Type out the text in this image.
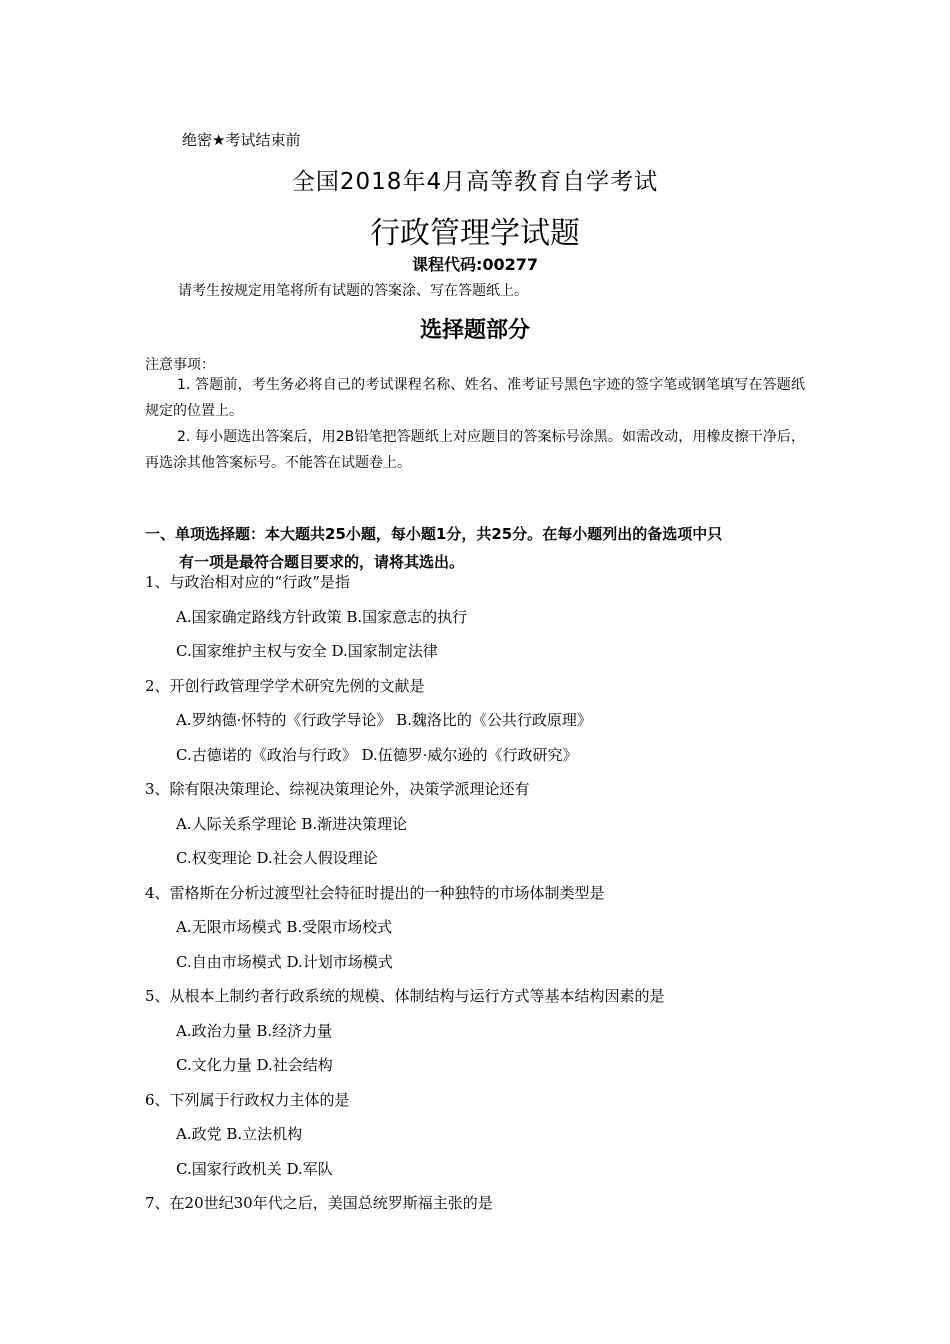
绝密★考试结束前
全国2018年4月高等教育自学考试
行政管理学试题
课程代码:00277
请考生按规定用笔将所有试题的答案涂、写在答题纸上。
选择题部分
注意事项：
1. 答题前，考生务必将自己的考试课程名称、姓名、准考证号黑色字迹的签字笔或钢笔填写在答题纸规定的位置上。
2. 每小题选出答案后，用2B铅笔把答题纸上对应题目的答案标号涂黑。如需改动，用橡皮擦干净后，再选涂其他答案标号。不能答在试题卷上。
一、单项选择题：本大题共25小题，每小题1分，共25分。在每小题列出的备选项中只
有一项是最符合题目要求的，请将其选出。
1、与政治相对应的“行政”是指
A.国家确定路线方针政策 B.国家意志的执行
C.国家维护主权与安全 D.国家制定法律
2、开创行政管理学学术研究先例的文献是
A.罗纳德·怀特的《行政学导论》 B.魏洛比的《公共行政原理》
C.古德诺的《政治与行政》 D.伍德罗·威尔逊的《行政研究》
3、除有限决策理论、综视决策理论外，决策学派理论还有
A.人际关系学理论 B.渐进决策理论
C.权变理论 D.社会人假设理论
4、雷格斯在分析过渡型社会特征时提出的一种独特的市场体制类型是
A.无限市场模式 B.受限市场校式
C.自由市场模式 D.计划市场模式
5、从根本上制约者行政系统的规模、体制结构与运行方式等基本结构因素的是
A.政治力量 B.经济力量
C.文化力量 D.社会结构
6、下列属于行政权力主体的是
A.政党 B.立法机构
C.国家行政机关 D.军队
7、在20世纪30年代之后，美国总统罗斯福主张的是
